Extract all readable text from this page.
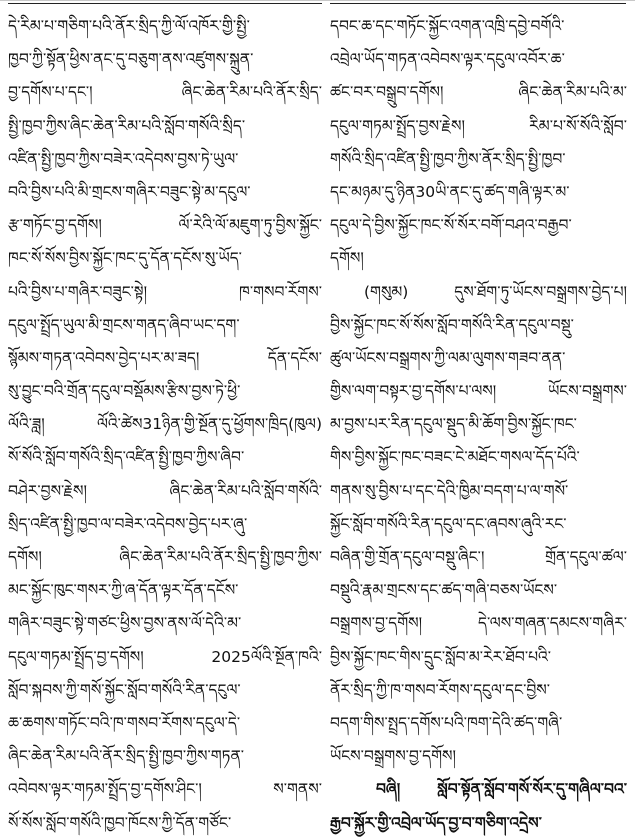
དེ་རིམ་པ་གཅིག་པའི་ནོར་སྲིད་ཀྱི་ལོ་འཁོར་གྱི་སྤྱི་
ཁྱབ་ཀྱི་སྟོན་ཕྱིས་ནང་དུ་བཅུག་ནས་འཛུགས་སྐྲུན་
བྱ་དགོས་པ་དང་། ཞིང་ཆེན་རིམ་པའི་ནོར་སྲིད་
སྤྱི་ཁྱབ་ཀྱིས་ཞིང་ཆེན་རིམ་པའི་སློབ་གསོའི་སྲིད་
འཛིན་སྤྱི་ཁྱབ་ཀྱིས་བཟེར་འདེབས་བྱས་ཏེ་ཡུལ་
བའི་བྱིས་པའི་མི་གྲངས་གཞིར་བཟུང་སྟེ་མ་དངུལ་
རྩ་གཏོང་བྱ་དགོས། ལོ་རེའི་ལོ་མཇུག་ཏུ་བྱིས་སྐྱོང་
ཁང་སོ་སོས་བྱིས་སྐྱོང་ཁང་དུ་དོན་དངོས་སུ་ཡོད་
པའི་བྱིས་པ་གཞིར་བཟུང་སྟེ། ཁ་གསབ་རོགས་
དངུལ་སྤྲོད་ཡུལ་མི་གྲངས་གནད་ཞིབ་ཡང་དག་
སྙོམས་གཏན་འབེབས་བྱེད་པར་མ་ཟད། དོན་དངོས་
སུ་བྱུང་བའི་གྲོན་དངུལ་བསྡོམས་རྩིས་བྱས་ཏེ་ཕྱི་
ལོའི་ཟླ། ལོའི་ཚེས31ཉིན་གྱི་སྔོན་དུ་ཕྱོགས་ཁྲིད(ཁུལ)
སོ་སོའི་སློབ་གསོའི་སྲིད་འཛིན་སྤྱི་ཁྱབ་ཀྱིས་ཞིབ་
བཤེར་བྱས་རྗེས། ཞིང་ཆེན་རིམ་པའི་སློབ་གསོའི་
སྲིད་འཛིན་སྤྱི་ཁྱབ་ལ་བཟེར་འདེབས་བྱེད་པར་ཞུ་
དགོས། ཞིང་ཆེན་རིམ་པའི་ནོར་སྲིད་སྤྱི་ཁྱབ་ཀྱིས་
མང་སྐྱོང་ཁུང་གསར་ཀྱི་ཞ་དོན་ལྟར་དོན་དངོས་
གཞིར་བཟུང་སྟེ་གཙང་ཕྱིས་བྱས་ནས་ལོ་དེའི་མ་
དངུལ་གཏམ་སྤྲོད་བྱ་དགོས། 2025ལོའི་སྔོན་ཁའི་
སློབ་སྐབས་ཀྱི་གསོ་སྐྱོང་སློབ་གསོའི་རིན་དངུལ་
ཆ་ཆགས་གཏོང་བའི་ཁ་གསབ་རོགས་དངུལ་དེ་
ཞིང་ཆེན་རིམ་པའི་ནོར་སྲིད་སྤྱི་ཁྱབ་ཀྱིས་གཏན་
འབེབས་ལྟར་གཏམ་སྤྲོད་བྱ་དགོས་ཤིང་། ས་གནས་
སོ་སོས་སློབ་གསོའི་ཁྱབ་ཁོངས་ཀྱི་དོན་གཙོང་
དབང་ཆ་དང་གཏོང་སྐྱོང་འགན་འཁྲི་དབྱེ་བགོའི་
འབྲེལ་ཡོད་གཏན་འབེབས་ལྟར་དངུལ་འབོར་ཆ་
ཚང་བར་བསྒྲུབ་དགོས། ཞིང་ཆེན་རིམ་པའི་མ་
དངུལ་གཏམ་སྤྲོད་བྱས་རྗེས། རིམ་པ་སོ་སོའི་སློབ་
གསོའི་སྲིད་འཛིན་སྤྱི་ཁྱབ་ཀྱིས་ནོར་སྲིད་སྤྱི་ཁྱབ་
དང་མཉམ་དུ་ཉིན30ཡི་ནང་དུ་ཚད་གཞི་ལྟར་མ་
དངུལ་དེ་བྱིས་སྐྱོང་ཁང་སོ་སོར་བགོ་བཤའ་བརྒྱབ་
དགོས།
(གསུམ) དུས་ཐོག་ཏུ་ཡོངས་བསྒྲགས་བྱེད་པ།
བྱིས་སྐྱོང་ཁང་སོ་སོས་སློབ་གསོའི་རིན་དངུལ་བསྡུ་
ཚུལ་ཡོངས་བསྒྲགས་ཀྱི་ལམ་ལུགས་གཟབ་ནན་
གྱིས་ལག་བསྟར་བྱ་དགོས་པ་ལས། ཡོངས་བསྒྲགས་
མ་བྱས་པར་རིན་དངུལ་སྡུད་མི་ཆོག་བྱིས་སྐྱོང་ཁང་
གིས་བྱིས་སྐྱོང་ཁང་བཟང་ངེ་མཐོང་གསལ་དོད་པོའི་
གནས་སུ་བྱིས་པ་དང་དེའི་ཁྱིམ་བདག་པ་ལ་གསོ་
སྐྱོང་སློབ་གསོའི་རིན་དངུལ་དང་ཞབས་ཞུའི་རང་
བཞིན་གྱི་གྲོན་དངུལ་བསྡུ་ཞིང་། གྲོན་དངུལ་ཚལ་
བསྡུའི་རྣམ་གྲངས་དང་ཚད་གཞི་བཅས་ཡོངས་
བསྒྲགས་བྱ་དགོས། དེ་ལས་གཞན་དམངས་གཞིར་
བྱིས་སྐྱོང་ཁང་གིས་དྲུང་སློབ་མ་རེར་ཐོབ་པའི་
ནོར་སྲིད་ཀྱི་ཁ་གསབ་རོགས་དངུལ་དང་བྱིས་
བདག་གིས་སྤྲད་དགོས་པའི་ཁག་དེའི་ཚད་གཞི་
ཡོངས་བསྒྲགས་བྱ་དགོས།
བཞི། སློབ་སྟོན་སློབ་གསོ་སོར་དུ་གཞིལ་བའ་
རྒྱབ་སྐྱོར་གྱི་འབྲེལ་ཡོད་བྱ་བ་གཅིག་འདྲེས་
